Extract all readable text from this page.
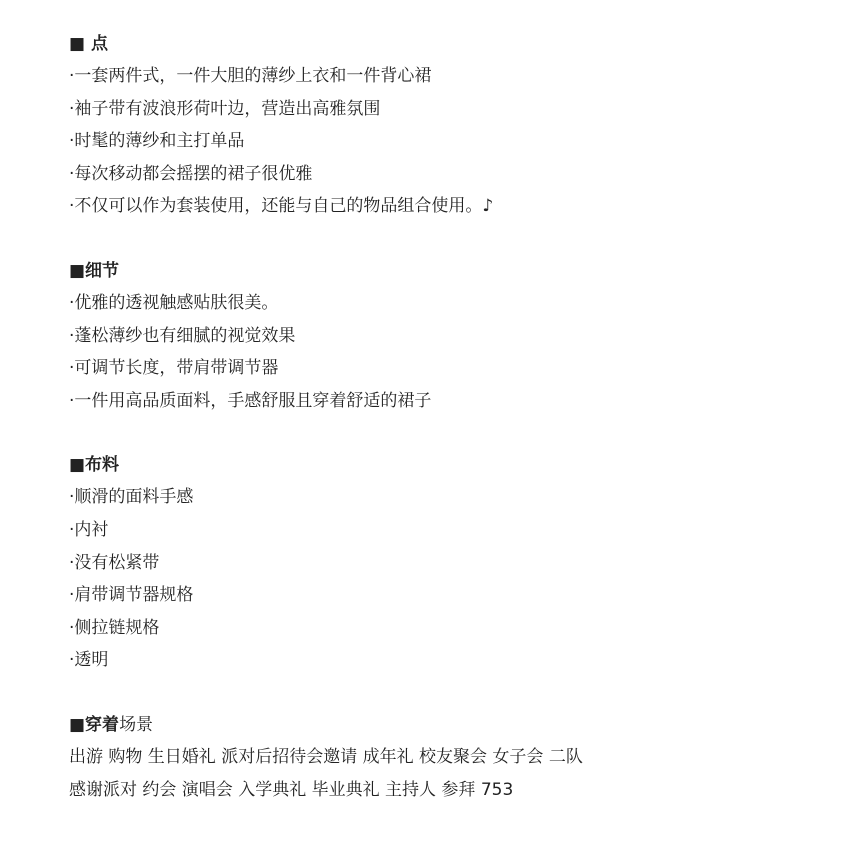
■ 点
·一套两件式，一件大胆的薄纱上衣和一件背心裙
·袖子带有波浪形荷叶边，营造出高雅氛围
·时髦的薄纱和主打单品
·每次移动都会摇摆的裙子很优雅
·不仅可以作为套装使用，还能与自己的物品组合使用。♪
■细节
·优雅的透视触感贴肤很美。
·蓬松薄纱也有细腻的视觉效果
·可调节长度，带肩带调节器
·一件用高品质面料，手感舒服且穿着舒适的裙子
■布料
·顺滑的面料手感
·内衬
·没有松紧带
·肩带调节器规格
·侧拉链规格
·透明
■穿着场景
出游 购物 生日婚礼 派对后招待会邀请 成年礼 校友聚会 女子会 二队
感谢派对 约会 演唱会 入学典礼 毕业典礼 主持人 参拜 753
